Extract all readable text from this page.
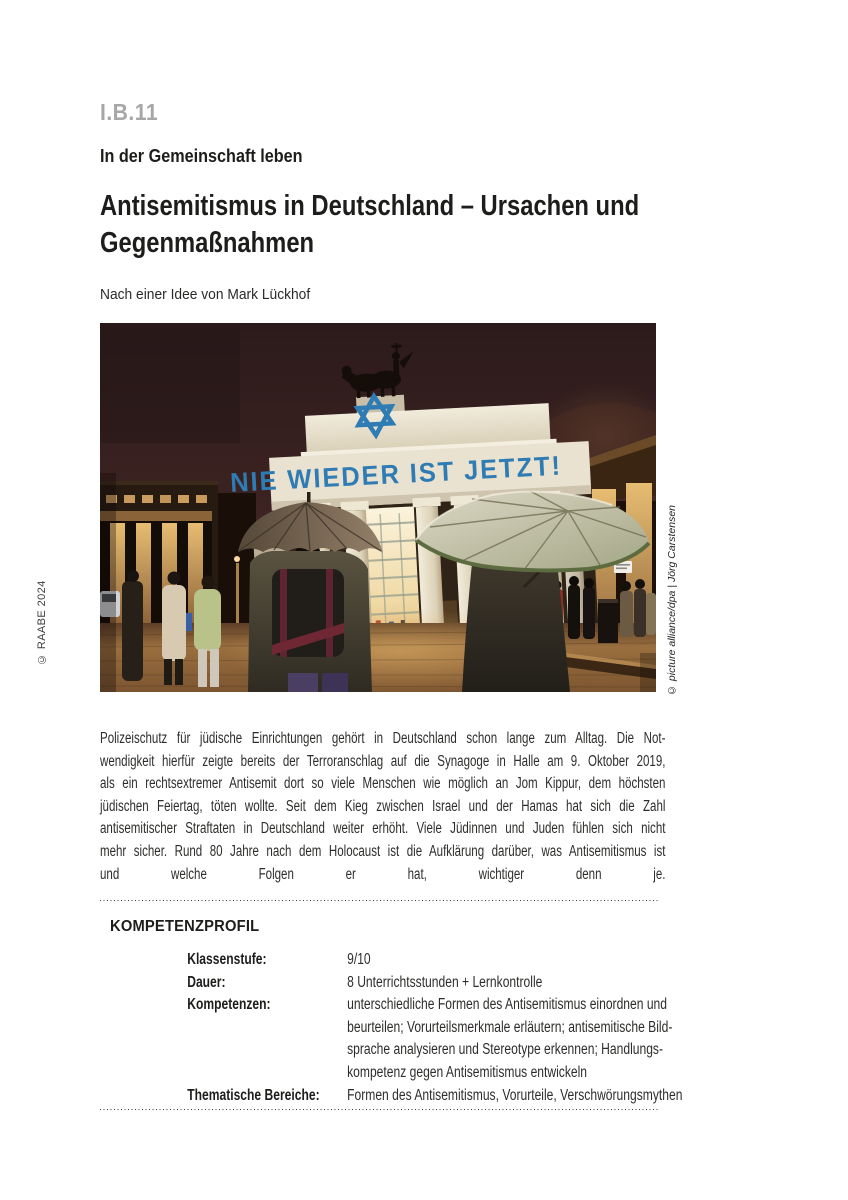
I.B.11
In der Gemeinschaft leben
Antisemitismus in Deutschland – Ursachen und
Gegenmaßnahmen
Nach einer Idee von Mark Lückhof
© RAABE 2024
NIE WIEDER IST JETZT!
© picture alliance/dpa | Jörg Carstensen
Polizeischutz für jüdische Einrichtungen gehört in Deutschland schon lange zum Alltag. Die Not-
wendigkeit hierfür zeigte bereits der Terroranschlag auf die Synagoge in Halle am 9. Oktober 2019,
als ein rechtsextremer Antisemit dort so viele Menschen wie möglich an Jom Kippur, dem höchsten
jüdischen Feiertag, töten wollte. Seit dem Kieg zwischen Israel und der Hamas hat sich die Zahl
antisemitischer Straftaten in Deutschland weiter erhöht. Viele Jüdinnen und Juden fühlen sich nicht
mehr sicher. Rund 80 Jahre nach dem Holocaust ist die Aufklärung darüber, was Antisemitismus ist
und welche Folgen er hat, wichtiger denn je.
KOMPETENZPROFIL
Klassenstufe:	9/10
Dauer:	8 Unterrichtsstunden + Lernkontrolle
Kompetenzen:	unterschiedliche Formen des Antisemitismus einordnen und
beurteilen; Vorurteilsmerkmale erläutern; antisemitische Bild-
sprache analysieren und Stereotype erkennen; Handlungs-
kompetenz gegen Antisemitismus entwickeln
Thematische Bereiche:	Formen des Antisemitismus, Vorurteile, Verschwörungsmythen
